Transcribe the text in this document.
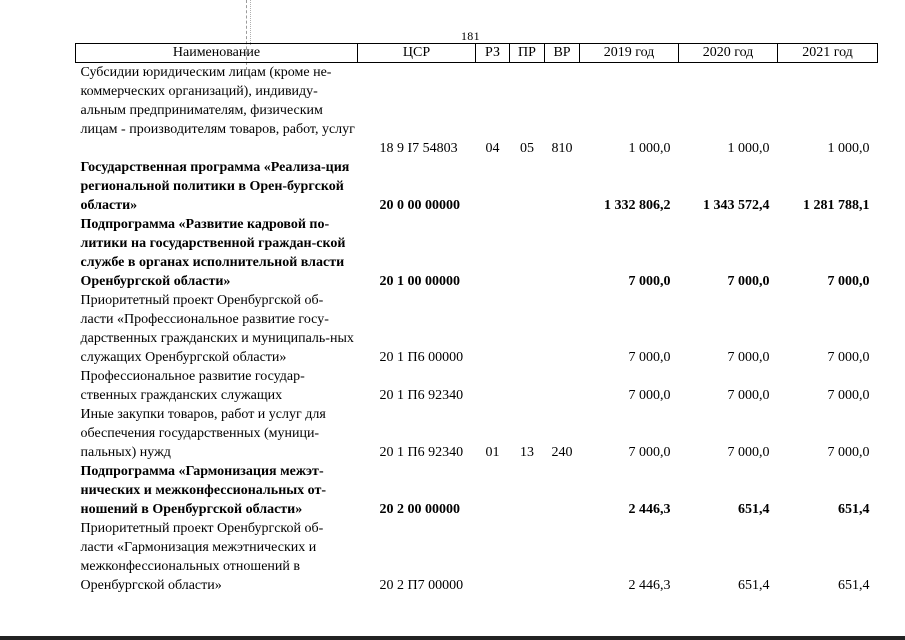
181
Наименование	ЦСР	РЗ	ПР	ВР	2019 год	2020 год	2021 год
Субсидии юридическим лицам (кроме не-коммерческих организаций), индивиду-альным предпринимателям, физическим лицам - производителям товаров, работ, услуг	18 9 I7 54803	04	05	810	1 000,0	1 000,0	1 000,0
Государственная программа «Реализа-ция региональной политики в Орен-бургской области»	20 0 00 00000				1 332 806,2	1 343 572,4	1 281 788,1
Подпрограмма «Развитие кадровой по-литики на государственной граждан-ской службе в органах исполнительной власти Оренбургской области»	20 1 00 00000				7 000,0	7 000,0	7 000,0
Приоритетный проект Оренбургской об-ласти «Профессиональное развитие госу-дарственных гражданских и муниципаль-ных служащих Оренбургской области»	20 1 П6 00000				7 000,0	7 000,0	7 000,0
Профессиональное развитие государ-ственных гражданских служащих	20 1 П6 92340				7 000,0	7 000,0	7 000,0
Иные закупки товаров, работ и услуг для обеспечения государственных (муници-пальных) нужд	20 1 П6 92340	01	13	240	7 000,0	7 000,0	7 000,0
Подпрограмма «Гармонизация межэт-нических и межконфессиональных от-ношений в Оренбургской области»	20 2 00 00000				2 446,3	651,4	651,4
Приоритетный проект Оренбургской об-ласти «Гармонизация межэтнических и межконфессиональных отношений в Оренбургской области»	20 2 П7 00000				2 446,3	651,4	651,4
